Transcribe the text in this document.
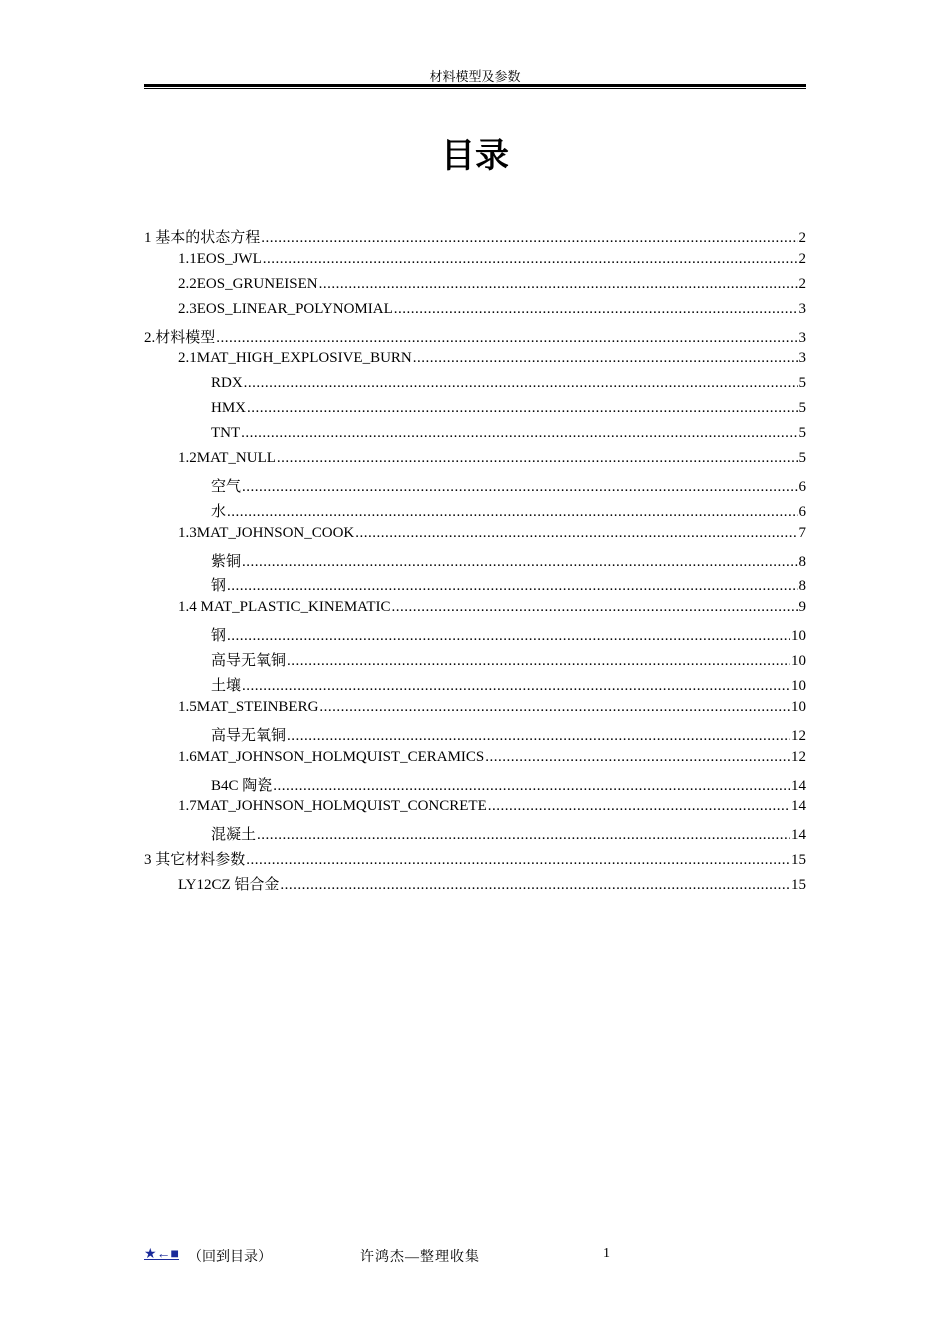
材料模型及参数
目录
1 基本的状态方程 .....	2
1.1EOS_JWL .....	2
2.2EOS_GRUNEISEN .....	2
2.3EOS_LINEAR_POLYNOMIAL .....	3
2.材料模型 .....	3
2.1MAT_HIGH_EXPLOSIVE_BURN .....	3
RDX .....	5
HMX .....	5
TNT .....	5
1.2MAT_NULL .....	5
空气 .....	6
水 .....	6
1.3MAT_JOHNSON_COOK .....	7
紫铜 .....	8
钢 .....	8
1.4 MAT_PLASTIC_KINEMATIC .....	9
钢 .....	10
高导无氧铜 .....	10
土壤 .....	10
1.5MAT_STEINBERG .....	10
高导无氧铜 .....	12
1.6MAT_JOHNSON_HOLMQUIST_CERAMICS .....	12
B4C 陶瓷 .....	14
1.7MAT_JOHNSON_HOLMQUIST_CONCRETE .....	14
混凝土 .....	14
3 其它材料参数 .....	15
LY12CZ 铝合金 .....	15
★←■ （回到目录）	许鸿杰—整理收集	1
